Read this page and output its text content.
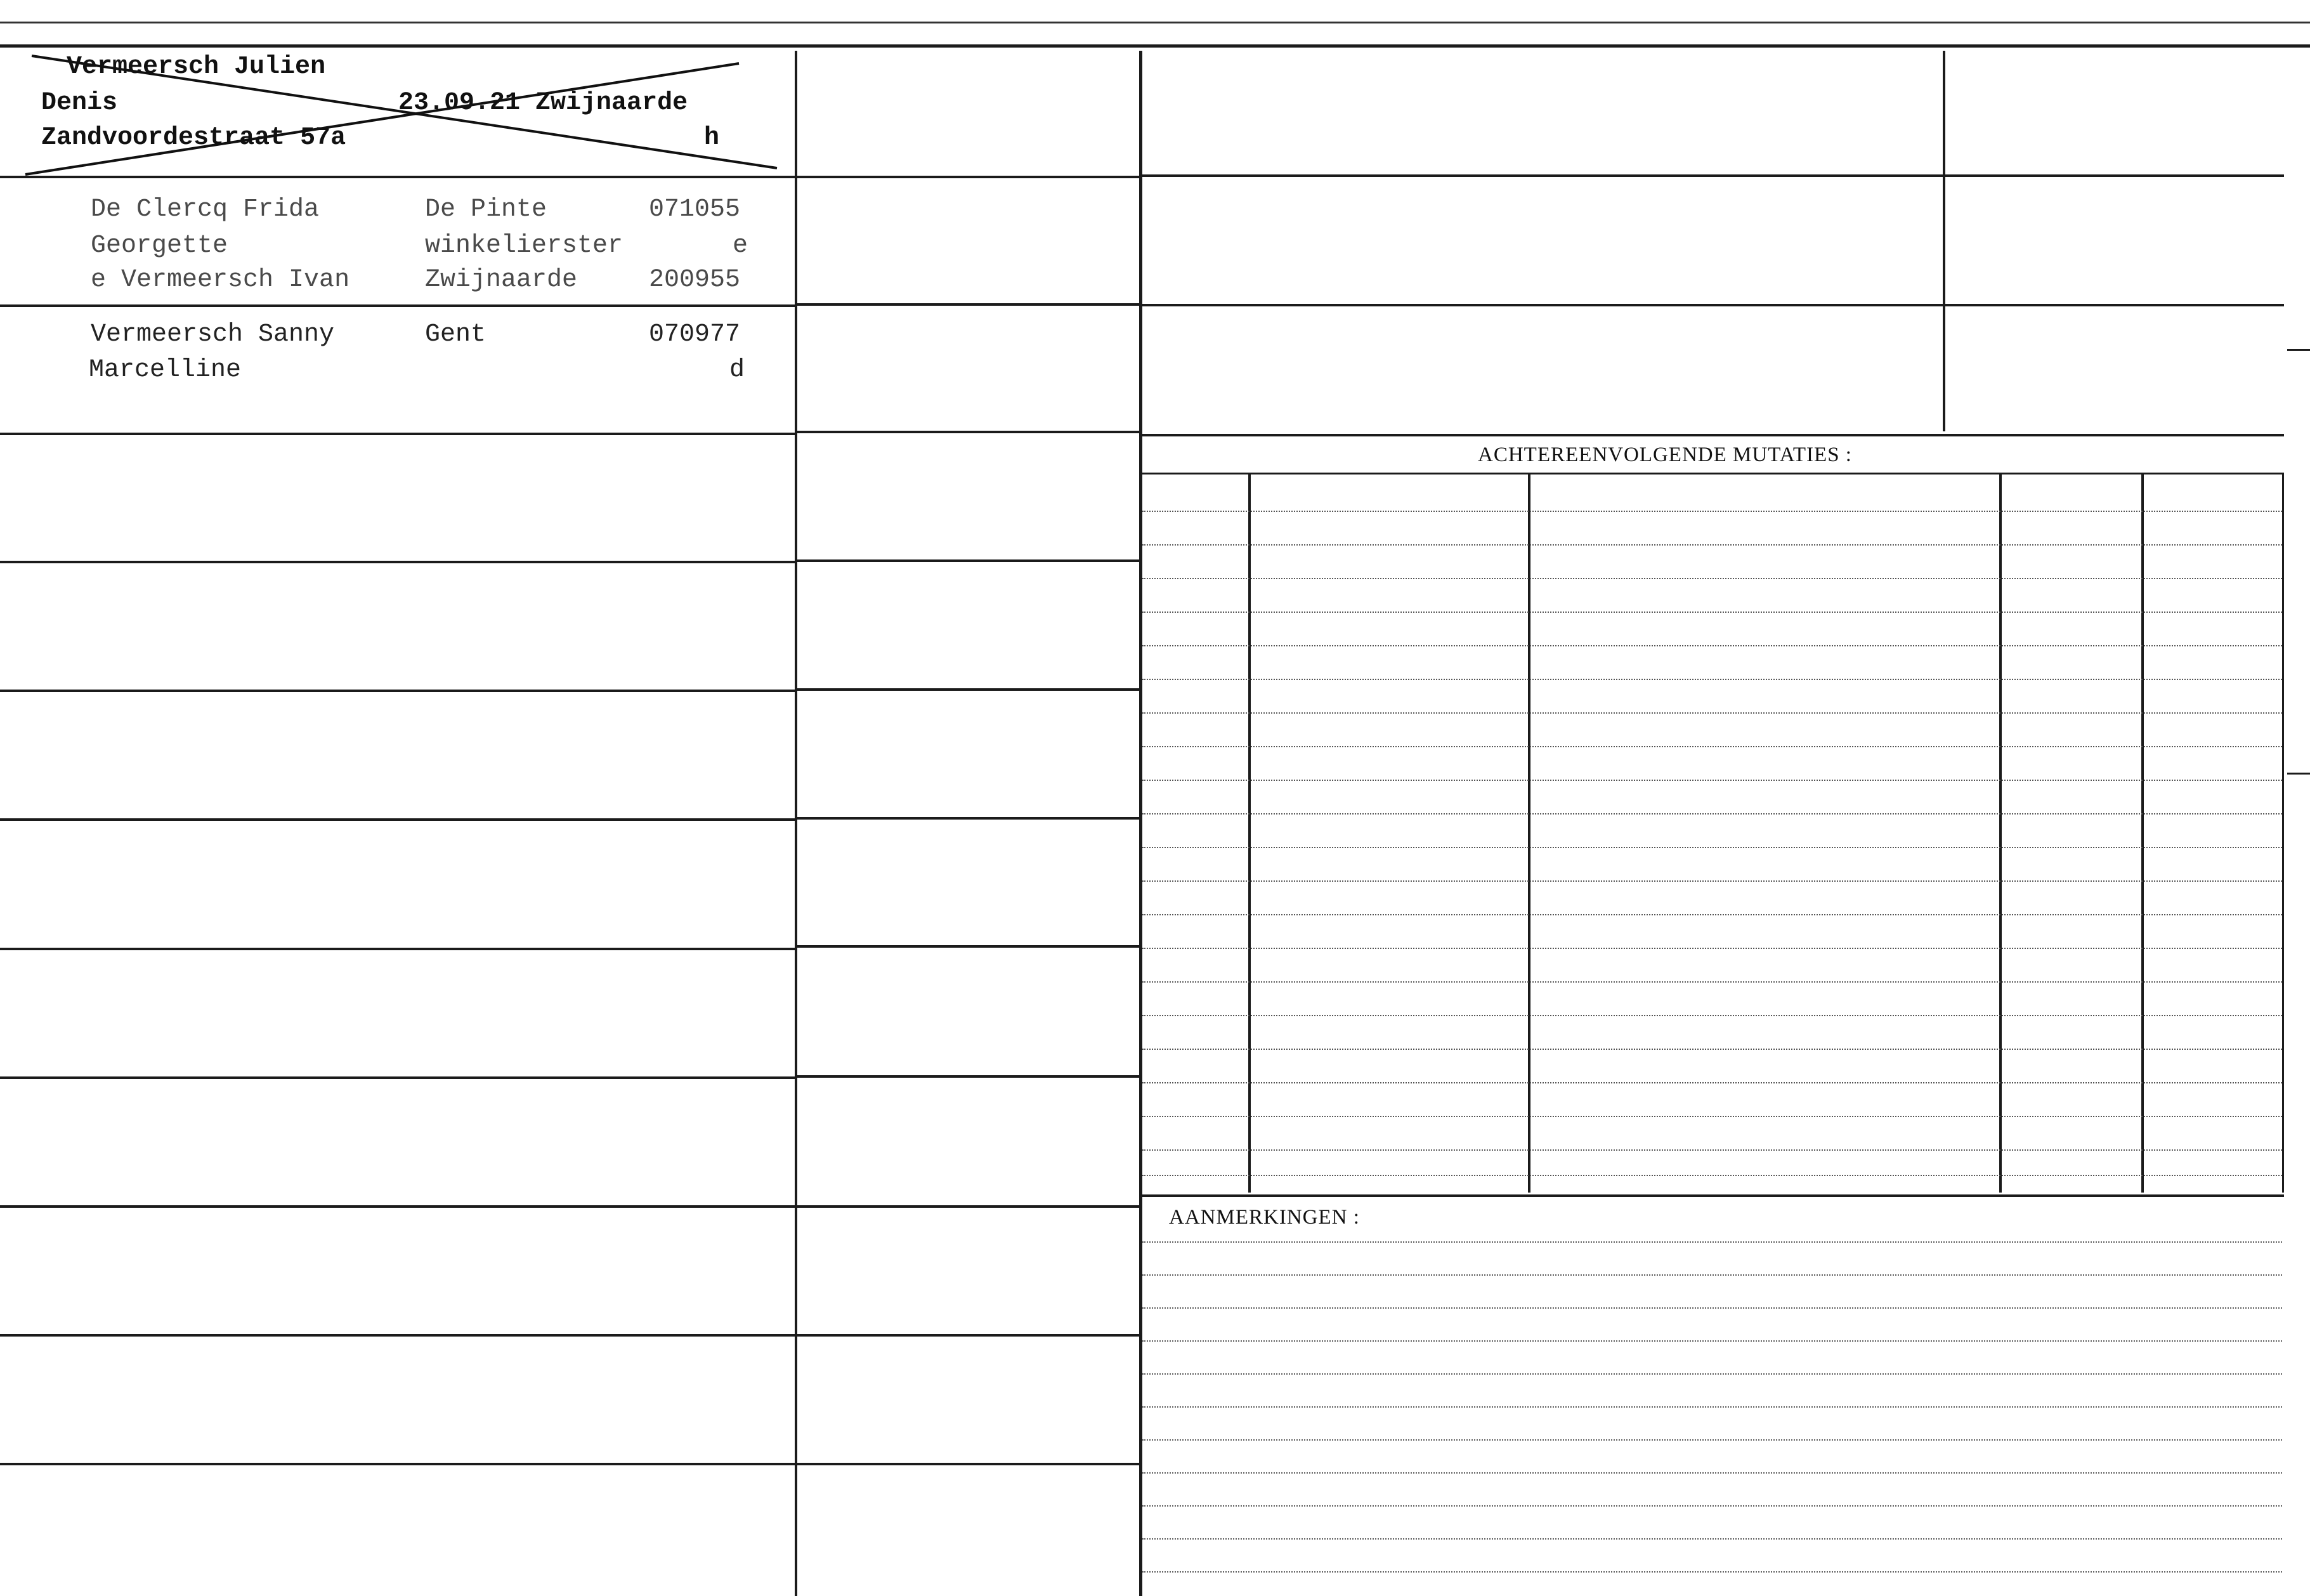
Vermeersch Julien
Denis
Zandvoordestraat 57a
23.09.21 Zwijnaarde
h
De Clercq Frida
Georgette
e Vermeersch Ivan
De Pinte
winkelierster
Zwijnaarde
071055
e
200955
Vermeersch Sanny
Marcelline
Gent	070977
d
ACHTEREENVOLGENDE MUTATIES :
AANMERKINGEN :
